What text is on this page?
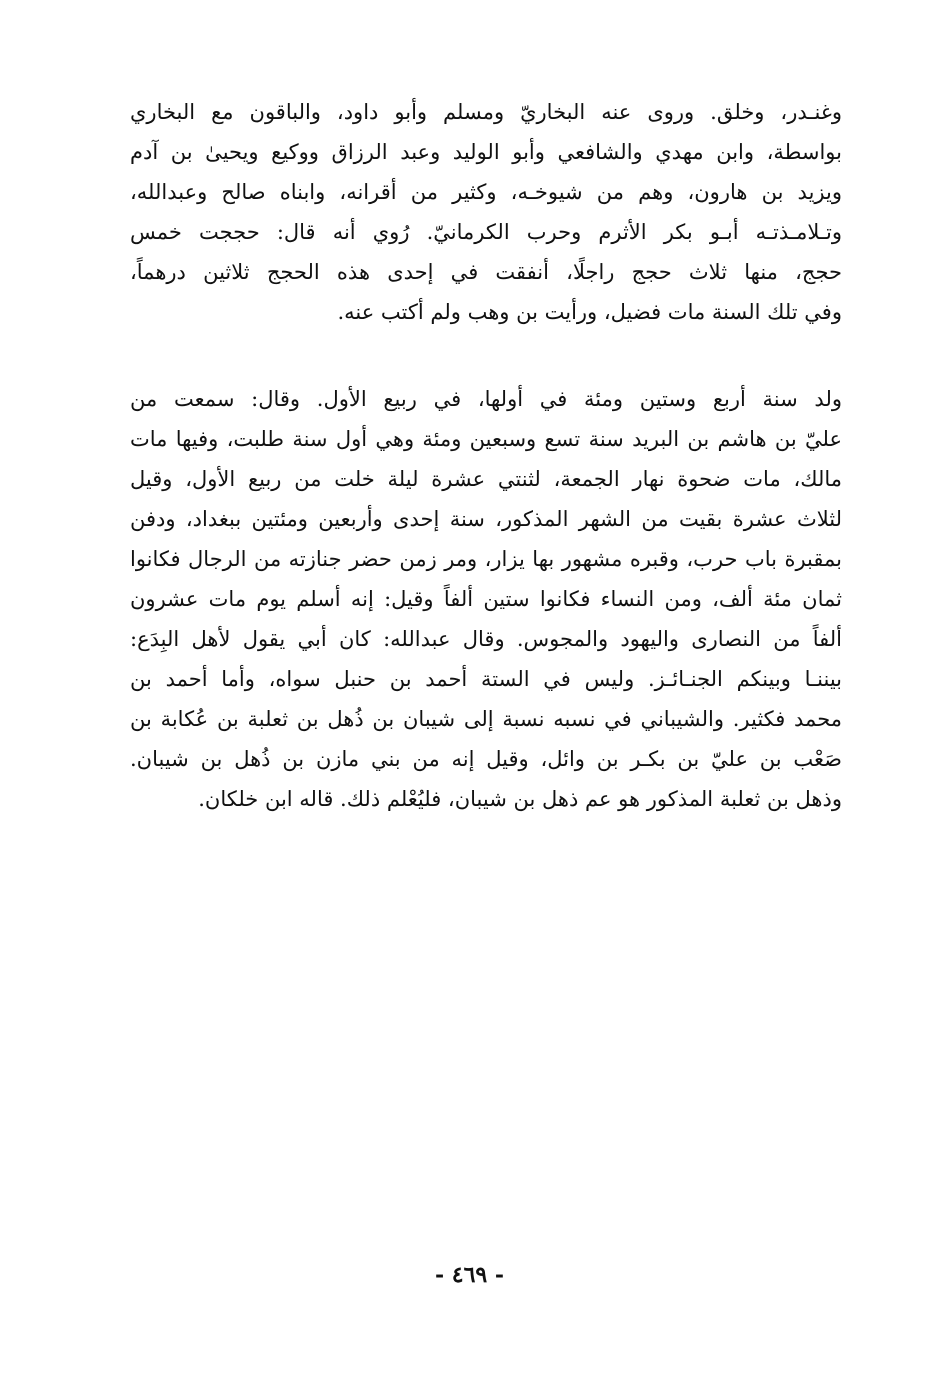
وغنـدر، وخلق. وروى عنه البخاريّ ومسلم وأبو داود، والباقون مع البخاري
بواسطة، وابن مهدي والشافعي وأبو الوليد وعبد الرزاق ووكيع ويحيىٰ بن آدم
ويزيد بن هارون، وهم من شيوخـه، وكثير من أقرانه، وابناه صالح وعبدالله،
وتـلامـذتـه أبـو بكر الأثرم وحرب الكرمانيّ. رُوي أنه قال: حججت خمس
حجج، منها ثلاث حجج راجلًا، أنفقت في إحدى هذه الحجج ثلاثين درهماً،
وفي تلك السنة مات فضيل، ورأيت بن وهب ولم أكتب عنه.
ولد سنة أربع وستين ومئة في أولها، في ربيع الأول. وقال: سمعت من
عليّ بن هاشم بن البريد سنة تسع وسبعين ومئة وهي أول سنة طلبت، وفيها مات
مالك، مات ضحوة نهار الجمعة، لثنتي عشرة ليلة خلت من ربيع الأول، وقيل
لثلاث عشرة بقيت من الشهر المذكور، سنة إحدى وأربعين ومئتين ببغداد، ودفن
بمقبرة باب حرب، وقبره مشهور بها يزار، ومر زمن حضر جنازته من الرجال فكانوا
ثمان مئة ألف، ومن النساء فكانوا ستين ألفاً وقيل: إنه أسلم يوم مات عشرون
ألفاً من النصارى واليهود والمجوس. وقال عبدالله: كان أبي يقول لأهل البِدَع:
بيننـا وبينكم الجنـائـز. وليس في الستة أحمد بن حنبل سواه، وأما أحمد بن
محمد فكثير. والشيباني في نسبه نسبة إلى شيبان بن ذُهل بن ثعلبة بن عُكابة بن
صَعْب بن عليّ بن بكـر بن وائل، وقيل إنه من بني مازن بن ذُهل بن شيبان.
وذهل بن ثعلبة المذكور هو عم ذهل بن شيبان، فليُعْلم ذلك. قاله ابن خلكان.
- ٤٦٩ -
